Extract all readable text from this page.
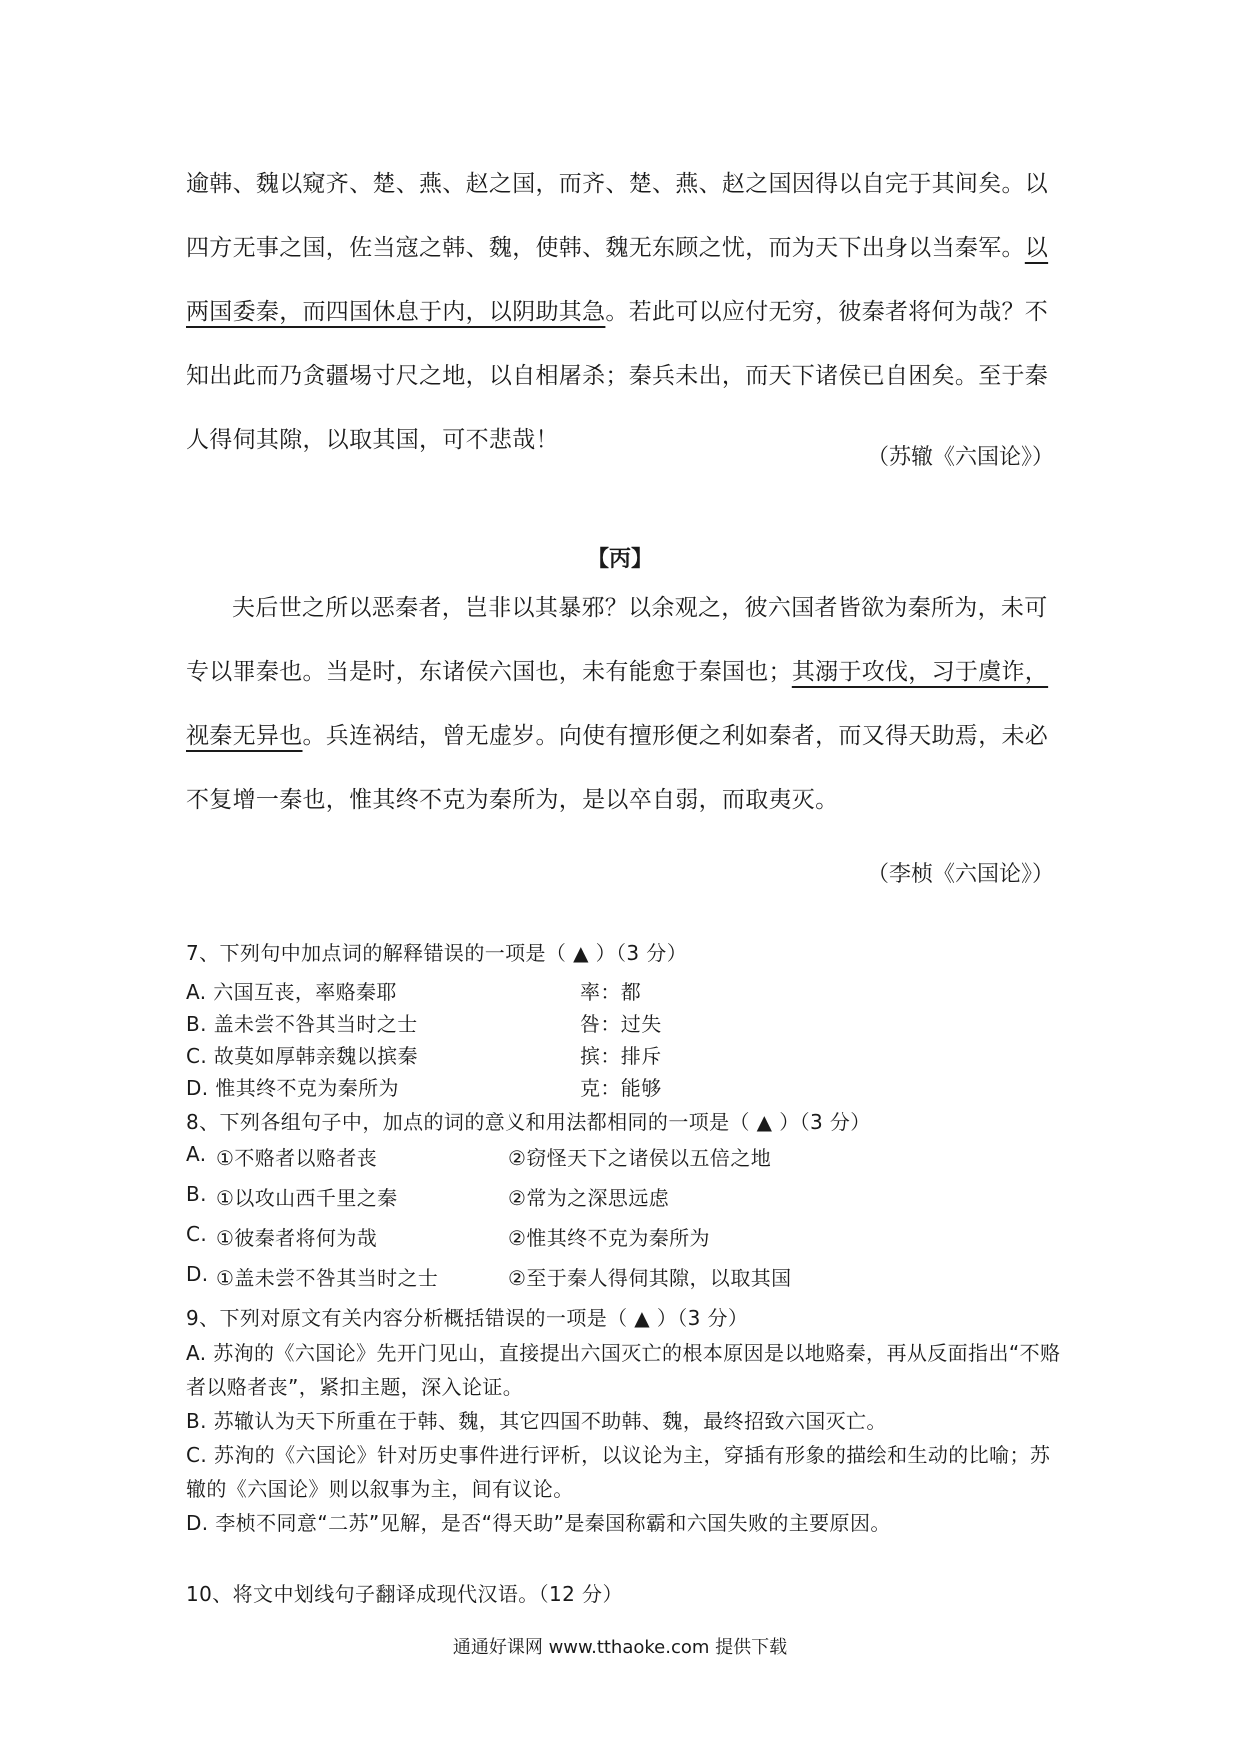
逾韩、魏以窥齐、楚、燕、赵之国，而齐、楚、燕、赵之国因得以自完于其间矣。以四方无事之国，佐当寇之韩、魏，使韩、魏无东顾之忧，而为天下出身以当秦军。以两国委秦，而四国休息于内，以阴助其急。若此可以应付无穷，彼秦者将何为哉？不知出此而乃贪疆埸寸尺之地，以自相屠杀；秦兵未出，而天下诸侯已自困矣。至于秦人得伺其隙，以取其国，可不悲哉！
（苏辙《六国论》）
【丙】
夫后世之所以恶秦者，岂非以其暴邪？以余观之，彼六国者皆欲为秦所为，未可专以罪秦也。当是时，东诸侯六国也，未有能愈于秦国也；其溺于攻伐，习于虞诈，视秦无异也。兵连祸结，曾无虚岁。向使有擅形便之利如秦者，而又得天助焉，未必不复增一秦也，惟其终不克为秦所为，是以卒自弱，而取夷灭。
（李桢《六国论》）
7、下列句中加点词的解释错误的一项是（ ▲ ）（3 分）
A. 六国互丧，率赂秦耶	率：都
B. 盖未尝不咎其当时之士	咎：过失
C. 故莫如厚韩亲魏以摈秦	摈：排斥
D. 惟其终不克为秦所为	克：能够
8、下列各组句子中，加点的词的意义和用法都相同的一项是（ ▲ ）（3 分）
A. ①不赂者以赂者丧	②窃怪天下之诸侯以五倍之地
B. ①以攻山西千里之秦	②常为之深思远虑
C. ①彼秦者将何为哉	②惟其终不克为秦所为
D. ①盖未尝不咎其当时之士	②至于秦人得伺其隙，以取其国
9、下列对原文有关内容分析概括错误的一项是（ ▲ ）（3 分）
A. 苏洵的《六国论》先开门见山，直接提出六国灭亡的根本原因是以地赂秦，再从反面指出“不赂者以赂者丧”，紧扣主题，深入论证。
B. 苏辙认为天下所重在于韩、魏，其它四国不助韩、魏，最终招致六国灭亡。
C. 苏洵的《六国论》针对历史事件进行评析，以议论为主，穿插有形象的描绘和生动的比喻；苏辙的《六国论》则以叙事为主，间有议论。
D. 李桢不同意“二苏”见解，是否“得天助”是秦国称霸和六国失败的主要原因。
10、将文中划线句子翻译成现代汉语。（12 分）
通通好课网 www.tthaoke.com 提供下载
